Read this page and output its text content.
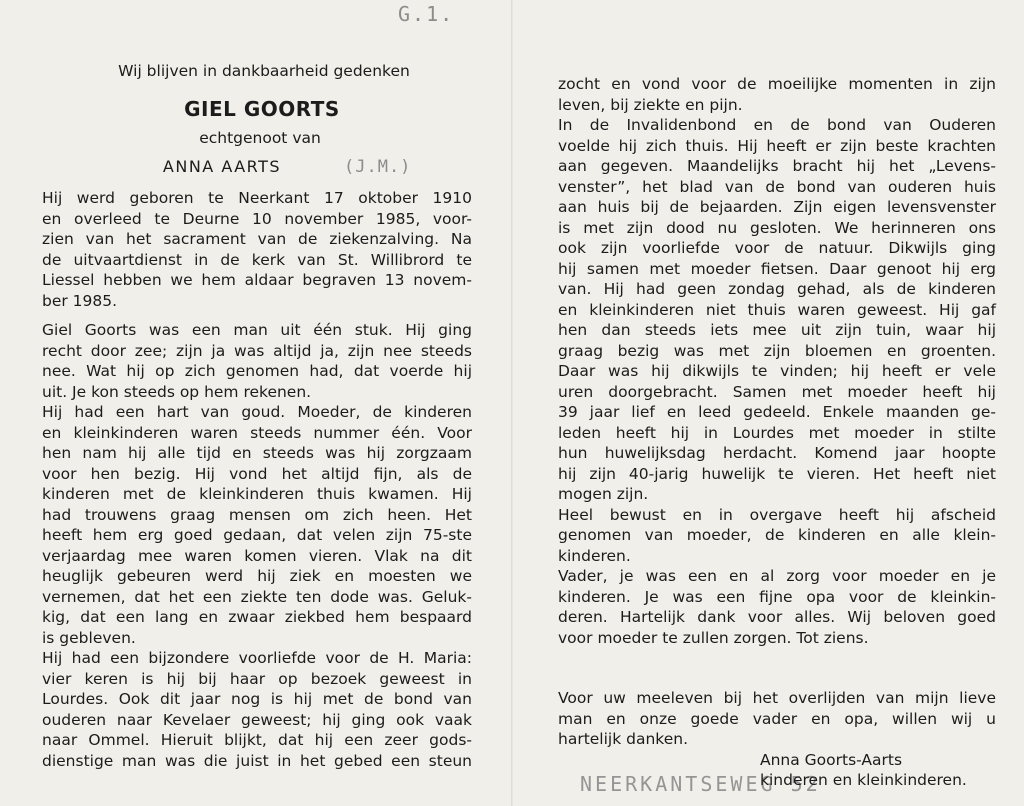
G.1.
(J.M.)
NEERKANTSEWEG 52

Wij blijven in dankbaarheid gedenken

GIEL GOORTS

echtgenoot van

ANNA AARTS

Hij werd geboren te Neerkant 17 oktober 1910

en overleed te Deurne 10 november 1985, voor-

zien van het sacrament van de ziekenzalving. Na

de uitvaartdienst in de kerk van St. Willibrord te

Liessel hebben we hem aldaar begraven 13 novem-

ber 1985.

Giel Goorts was een man uit één stuk. Hij ging

recht door zee; zijn ja was altijd ja, zijn nee steeds

nee. Wat hij op zich genomen had, dat voerde hij

uit. Je kon steeds op hem rekenen.

Hij had een hart van goud. Moeder, de kinderen

en kleinkinderen waren steeds nummer één. Voor

hen nam hij alle tijd en steeds was hij zorgzaam

voor hen bezig. Hij vond het altijd fijn, als de

kinderen met de kleinkinderen thuis kwamen. Hij

had trouwens graag mensen om zich heen. Het

heeft hem erg goed gedaan, dat velen zijn 75-ste

verjaardag mee waren komen vieren. Vlak na dit

heuglijk gebeuren werd hij ziek en moesten we

vernemen, dat het een ziekte ten dode was. Geluk-

kig, dat een lang en zwaar ziekbed hem bespaard

is gebleven.

Hij had een bijzondere voorliefde voor de H. Maria:

vier keren is hij bij haar op bezoek geweest in

Lourdes. Ook dit jaar nog is hij met de bond van

ouderen naar Kevelaer geweest; hij ging ook vaak

naar Ommel. Hieruit blijkt, dat hij een zeer gods-

dienstige man was die juist in het gebed een steun

zocht en vond voor de moeilijke momenten in zijn

leven, bij ziekte en pijn.

In de Invalidenbond en de bond van Ouderen

voelde hij zich thuis. Hij heeft er zijn beste krachten

aan gegeven. Maandelijks bracht hij het „Levens-

venster”, het blad van de bond van ouderen huis

aan huis bij de bejaarden. Zijn eigen levensvenster

is met zijn dood nu gesloten. We herinneren ons

ook zijn voorliefde voor de natuur. Dikwijls ging

hij samen met moeder fietsen. Daar genoot hij erg

van. Hij had geen zondag gehad, als de kinderen

en kleinkinderen niet thuis waren geweest. Hij gaf

hen dan steeds iets mee uit zijn tuin, waar hij

graag bezig was met zijn bloemen en groenten.

Daar was hij dikwijls te vinden; hij heeft er vele

uren doorgebracht. Samen met moeder heeft hij

39 jaar lief en leed gedeeld. Enkele maanden ge-

leden heeft hij in Lourdes met moeder in stilte

hun huwelijksdag herdacht. Komend jaar hoopte

hij zijn 40-jarig huwelijk te vieren. Het heeft niet

mogen zijn.

Heel bewust en in overgave heeft hij afscheid

genomen van moeder, de kinderen en alle klein-

kinderen.

Vader, je was een en al zorg voor moeder en je

kinderen. Je was een fijne opa voor de kleinkin-

deren. Hartelijk dank voor alles. Wij beloven goed

voor moeder te zullen zorgen. Tot ziens.

Voor uw meeleven bij het overlijden van mijn lieve

man en onze goede vader en opa, willen wij u

hartelijk danken.

Anna Goorts-Aarts

kinderen en kleinkinderen.
